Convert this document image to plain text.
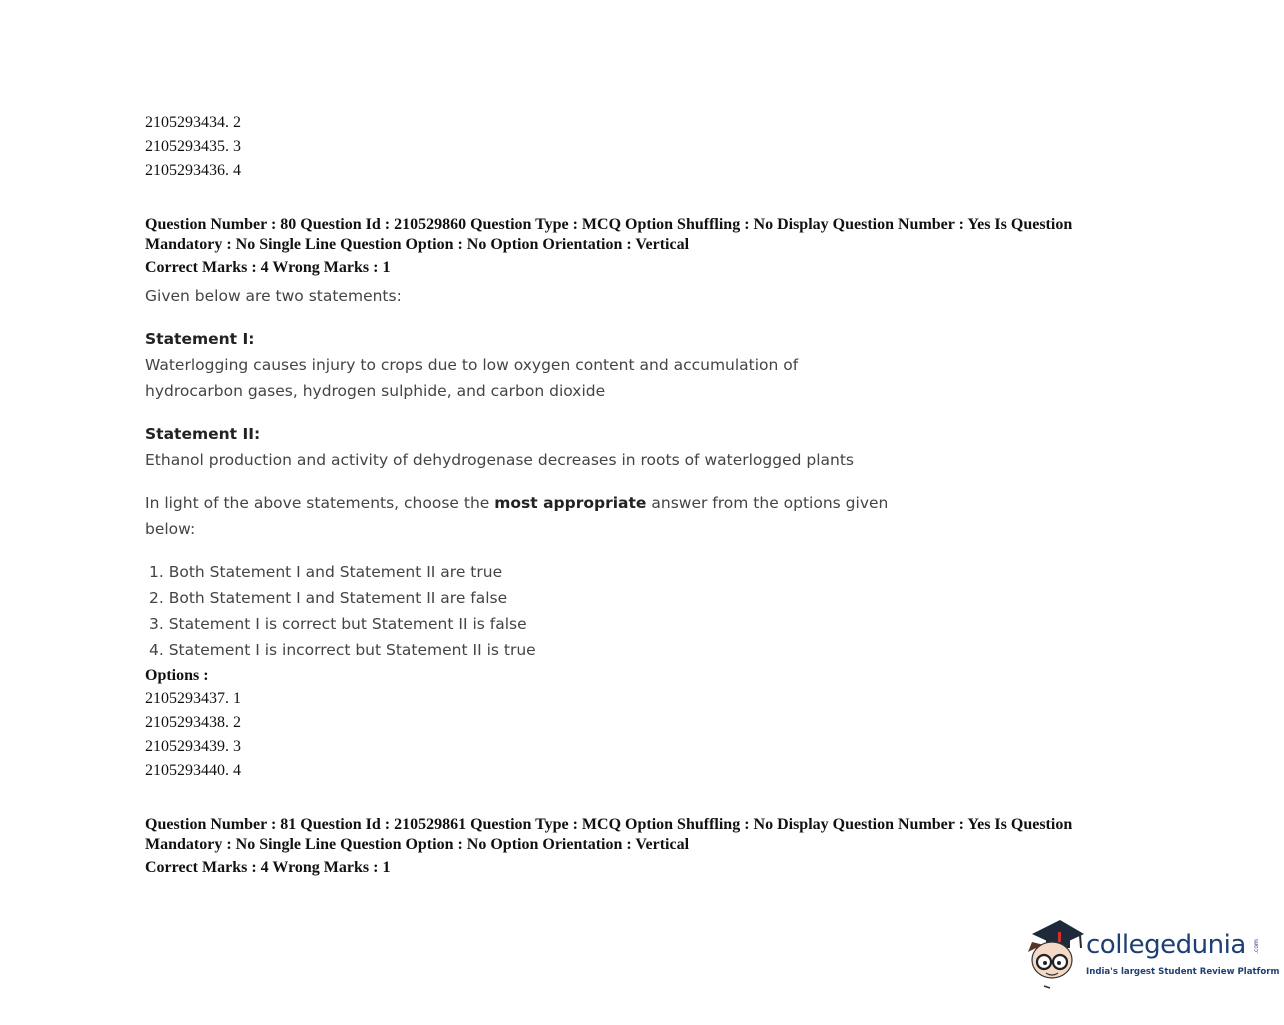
2105293434. 2
2105293435. 3
2105293436. 4
Question Number : 80 Question Id : 210529860 Question Type : MCQ Option Shuffling : No Display Question Number : Yes Is Question
Mandatory : No Single Line Question Option : No Option Orientation : Vertical
Correct Marks : 4 Wrong Marks : 1
Given below are two statements:
Statement I:
Waterlogging causes injury to crops due to low oxygen content and accumulation of
hydrocarbon gases, hydrogen sulphide, and carbon dioxide
Statement II:
Ethanol production and activity of dehydrogenase decreases in roots of waterlogged plants
In light of the above statements, choose the most appropriate answer from the options given
below:
1. Both Statement I and Statement II are true
2. Both Statement I and Statement II are false
3. Statement I is correct but Statement II is false
4. Statement I is incorrect but Statement II is true
Options :
2105293437. 1
2105293438. 2
2105293439. 3
2105293440. 4
Question Number : 81 Question Id : 210529861 Question Type : MCQ Option Shuffling : No Display Question Number : Yes Is Question
Mandatory : No Single Line Question Option : No Option Orientation : Vertical
Correct Marks : 4 Wrong Marks : 1
collegedunia .com
India's largest Student Review Platform
